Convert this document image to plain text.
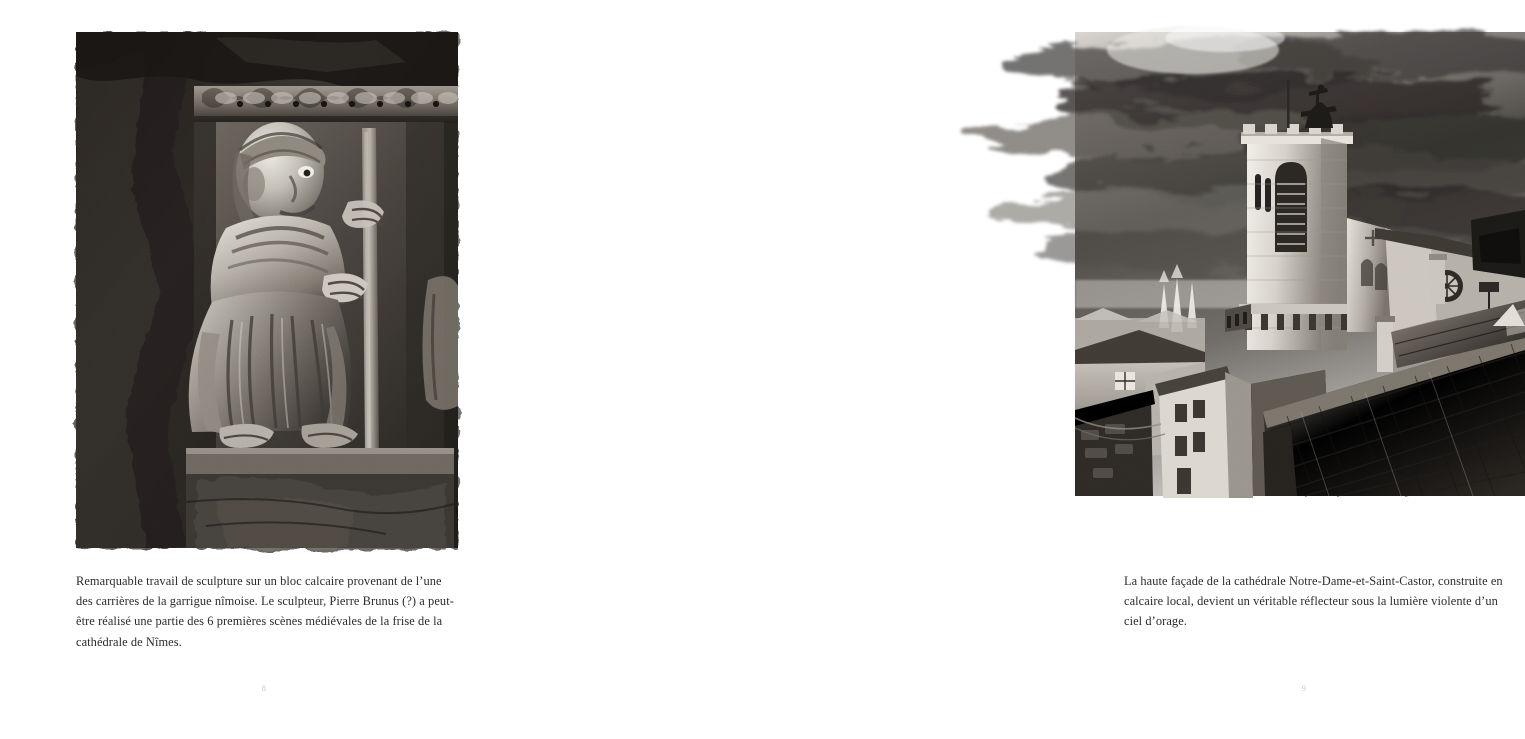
Remarquable travail de sculpture sur un bloc calcaire provenant de l’une des carrières de la garrigue nîmoise. Le sculpteur, Pierre Brunus (?) a peut-être réalisé une partie des 6 premières scènes médiévales de la frise de la cathédrale de Nîmes.

8

La haute façade de la cathédrale Notre-Dame-et-Saint-Castor, construite en calcaire local, devient un véritable réflecteur sous la lumière violente d’un ciel d’orage.

9
